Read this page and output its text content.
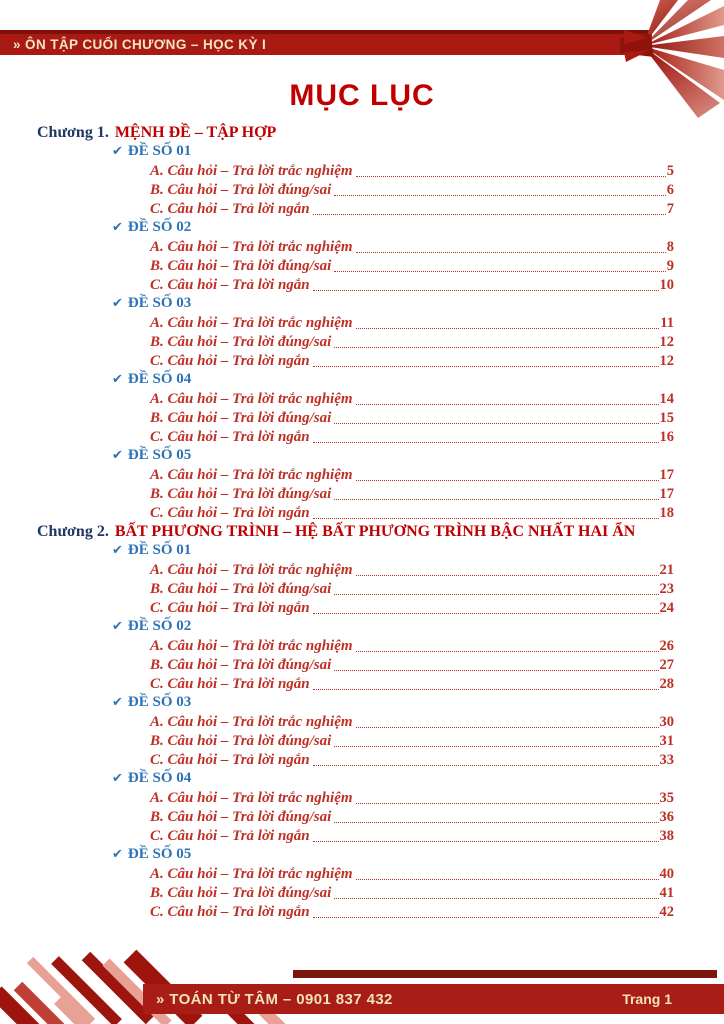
» ÔN TẬP CUỐI CHƯƠNG – HỌC KỲ I
MỤC LỤC
Chương 1. MỆNH ĐỀ – TẬP HỢP
✔ ĐỀ SỐ 01
A. Câu hỏi – Trả lời trắc nghiệm	5
B. Câu hỏi – Trả lời đúng/sai	6
C. Câu hỏi – Trả lời ngắn	7
✔ ĐỀ SỐ 02
A. Câu hỏi – Trả lời trắc nghiệm	8
B. Câu hỏi – Trả lời đúng/sai	9
C. Câu hỏi – Trả lời ngắn	10
✔ ĐỀ SỐ 03
A. Câu hỏi – Trả lời trắc nghiệm	11
B. Câu hỏi – Trả lời đúng/sai	12
C. Câu hỏi – Trả lời ngắn	12
✔ ĐỀ SỐ 04
A. Câu hỏi – Trả lời trắc nghiệm	14
B. Câu hỏi – Trả lời đúng/sai	15
C. Câu hỏi – Trả lời ngắn	16
✔ ĐỀ SỐ 05
A. Câu hỏi – Trả lời trắc nghiệm	17
B. Câu hỏi – Trả lời đúng/sai	17
C. Câu hỏi – Trả lời ngắn	18
Chương 2. BẤT PHƯƠNG TRÌNH – HỆ BẤT PHƯƠNG TRÌNH BẬC NHẤT HAI ẨN
✔ ĐỀ SỐ 01
A. Câu hỏi – Trả lời trắc nghiệm	21
B. Câu hỏi – Trả lời đúng/sai	23
C. Câu hỏi – Trả lời ngắn	24
✔ ĐỀ SỐ 02
A. Câu hỏi – Trả lời trắc nghiệm	26
B. Câu hỏi – Trả lời đúng/sai	27
C. Câu hỏi – Trả lời ngắn	28
✔ ĐỀ SỐ 03
A. Câu hỏi – Trả lời trắc nghiệm	30
B. Câu hỏi – Trả lời đúng/sai	31
C. Câu hỏi – Trả lời ngắn	33
✔ ĐỀ SỐ 04
A. Câu hỏi – Trả lời trắc nghiệm	35
B. Câu hỏi – Trả lời đúng/sai	36
C. Câu hỏi – Trả lời ngắn	38
✔ ĐỀ SỐ 05
A. Câu hỏi – Trả lời trắc nghiệm	40
B. Câu hỏi – Trả lời đúng/sai	41
C. Câu hỏi – Trả lời ngắn	42
» TOÁN TỪ TÂM – 0901 837 432	Trang 1
